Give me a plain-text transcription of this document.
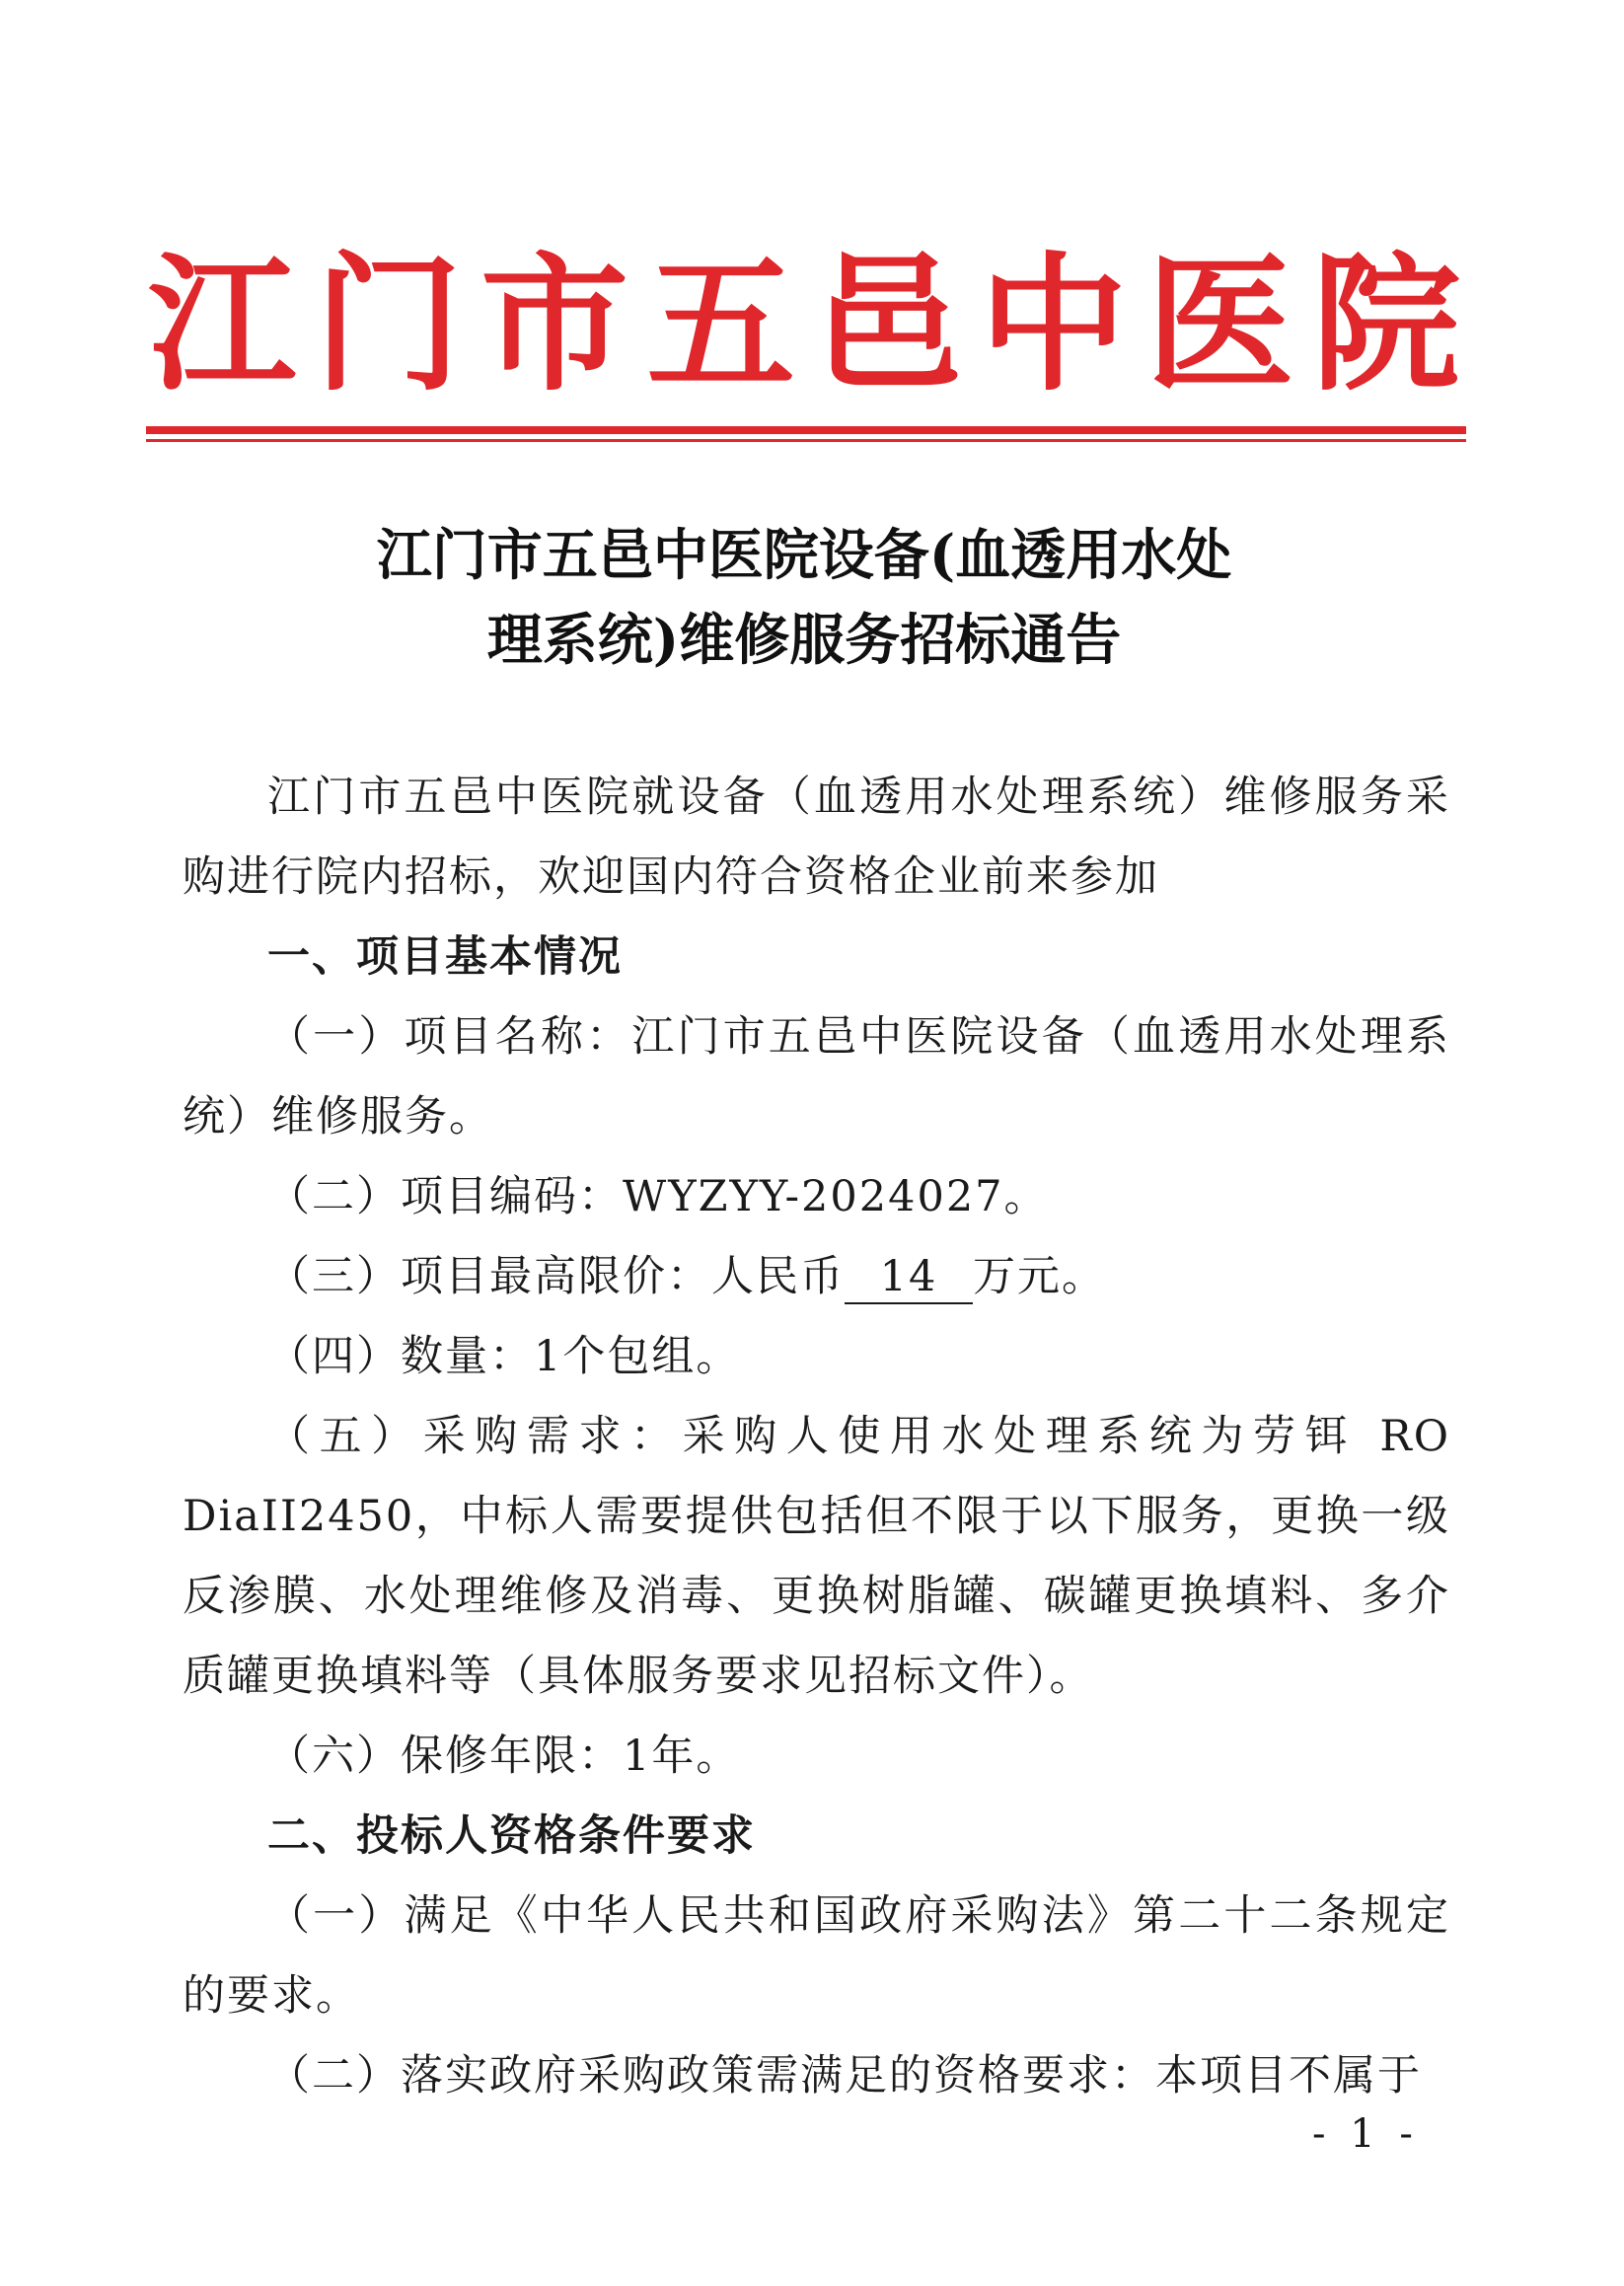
江 门 市 五 邑 中 医 院
江门市五邑中医院设备(血透用水处
理系统)维修服务招标通告

江门市五邑中医院就设备（血透用水处理系统）维修服务采购进行院内招标，欢迎国内符合资格企业前来参加

一、项目基本情况

（一）项目名称：江门市五邑中医院设备（血透用水处理系统）维修服务。

（二）项目编码：WYZYY-2024027。

（三）项目最高限价：人民币 14 万元。

（四）数量：1个包组。

（五）采购需求：采购人使用水处理系统为劳铒 RO DiaII2450，中标人需要提供包括但不限于以下服务，更换一级反渗膜、水处理维修及消毒、更换树脂罐、碳罐更换填料、多介质罐更换填料等（具体服务要求见招标文件）。

（六）保修年限：1年。

二、投标人资格条件要求

（一）满足《中华人民共和国政府采购法》第二十二条规定的要求。

（二）落实政府采购政策需满足的资格要求：本项目不属于

- 1 -
